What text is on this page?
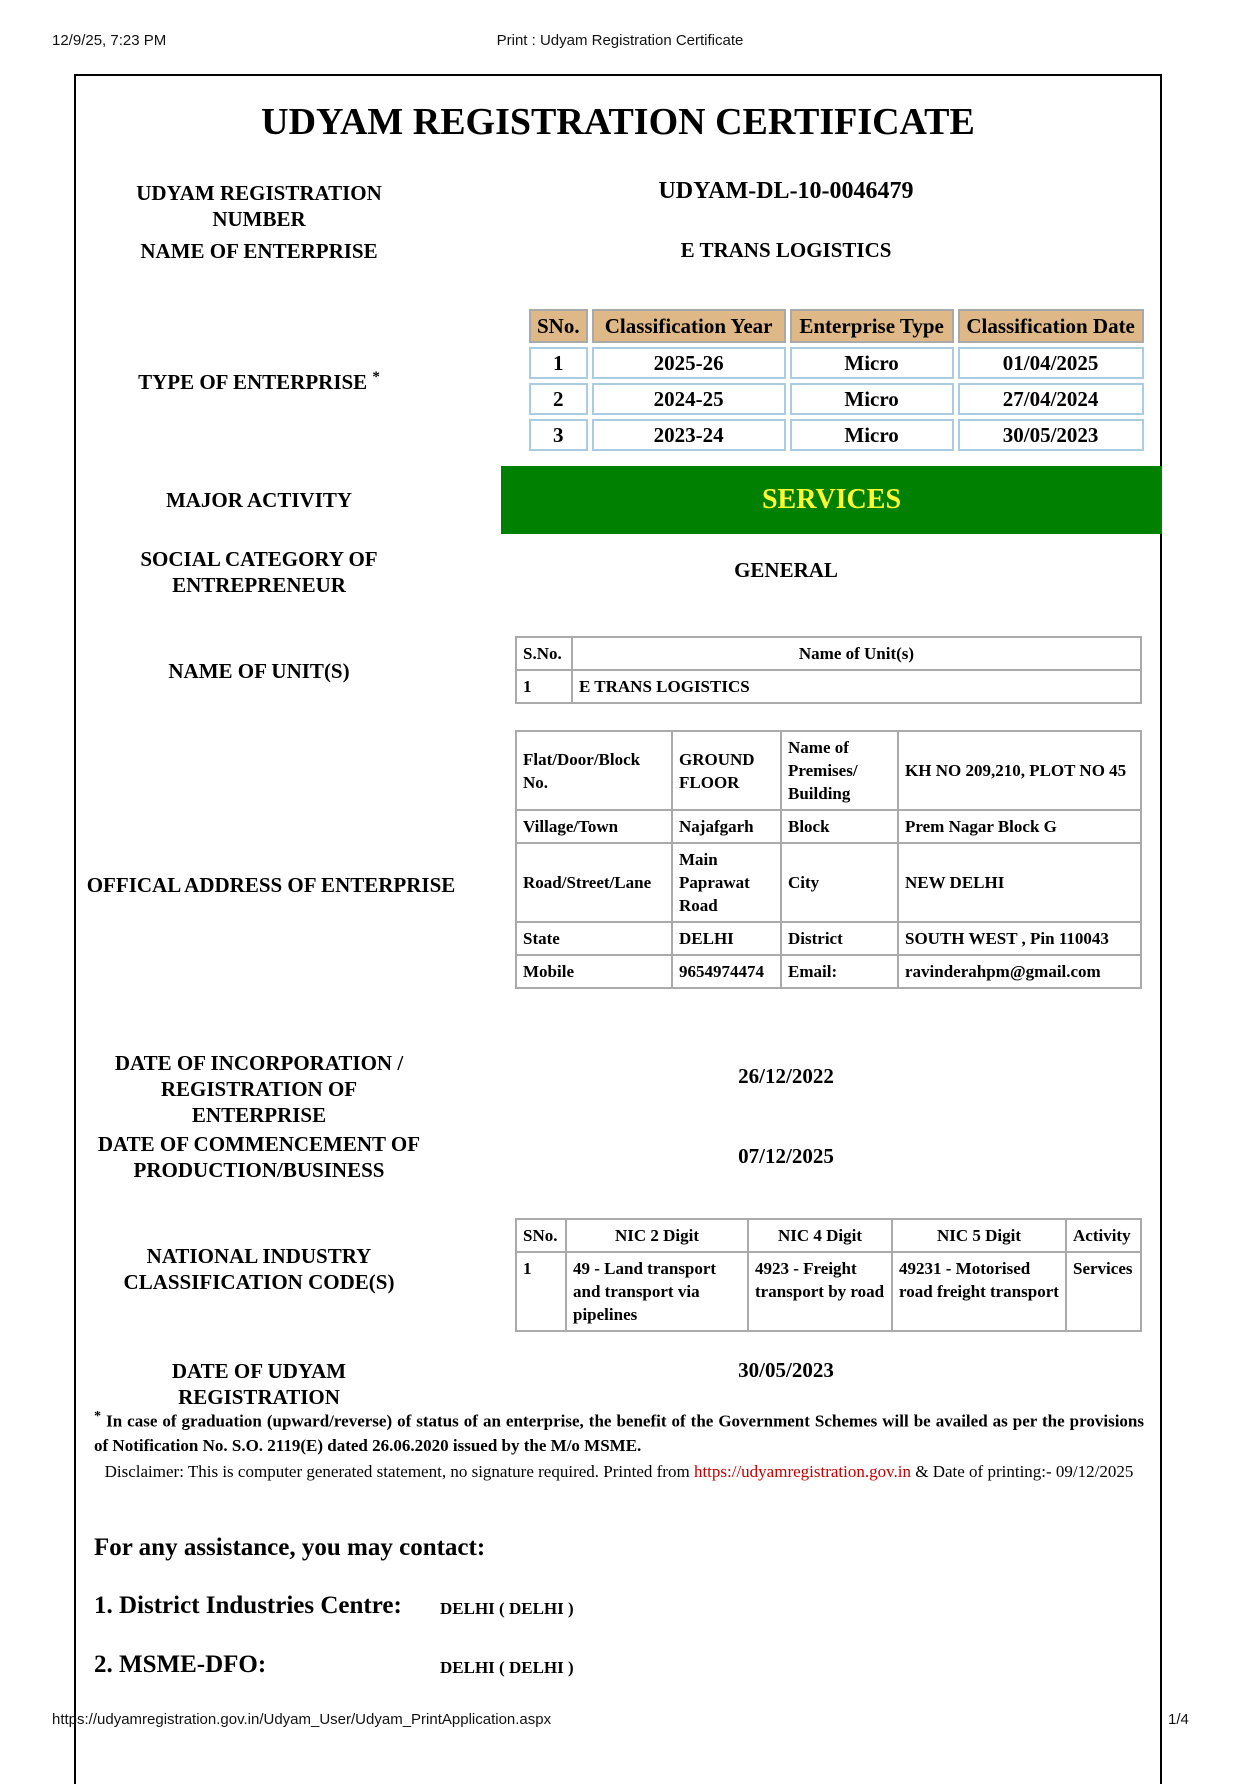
12/9/25, 7:23 PM	Print : Udyam Registration Certificate
UDYAM REGISTRATION CERTIFICATE
UDYAM REGISTRATION NUMBER
UDYAM-DL-10-0046479
NAME OF ENTERPRISE	E TRANS LOGISTICS
TYPE OF ENTERPRISE *
SNo.	Classification Year	Enterprise Type	Classification Date
1	2025-26	Micro	01/04/2025
2	2024-25	Micro	27/04/2024
3	2023-24	Micro	30/05/2023
MAJOR ACTIVITY	SERVICES
SOCIAL CATEGORY OF
ENTREPRENEUR
GENERAL
NAME OF UNIT(S)
S.No.	Name of Unit(s)
1	E TRANS LOGISTICS
OFFICAL ADDRESS OF ENTERPRISE
Flat/Door/Block No.	GROUND FLOOR	Name of Premises/ Building	KH NO 209,210, PLOT NO 45
Village/Town	Najafgarh	Block	Prem Nagar Block G
Road/Street/Lane	Main Paprawat Road	City	NEW DELHI
State	DELHI	District	SOUTH WEST , Pin 110043
Mobile	9654974474	Email:	ravinderahpm@gmail.com
DATE OF INCORPORATION /
REGISTRATION OF ENTERPRISE
26/12/2022
DATE OF COMMENCEMENT OF
PRODUCTION/BUSINESS
07/12/2025
NATIONAL INDUSTRY
CLASSIFICATION CODE(S)
SNo.	NIC 2 Digit	NIC 4 Digit	NIC 5 Digit	Activity
1	49 - Land transport and transport via pipelines	4923 - Freight transport by road	49231 - Motorised road freight transport	Services
DATE OF UDYAM REGISTRATION
30/05/2023
* In case of graduation (upward/reverse) of status of an enterprise, the benefit of the Government Schemes will be availed as per the provisions of Notification No. S.O. 2119(E) dated 26.06.2020 issued by the M/o MSME.
Disclaimer: This is computer generated statement, no signature required. Printed from https://udyamregistration.gov.in & Date of printing:- 09/12/2025
For any assistance, you may contact:
1. District Industries Centre: DELHI ( DELHI )
2. MSME-DFO:	DELHI ( DELHI )
https://udyamregistration.gov.in/Udyam_User/Udyam_PrintApplication.aspx	1/4
